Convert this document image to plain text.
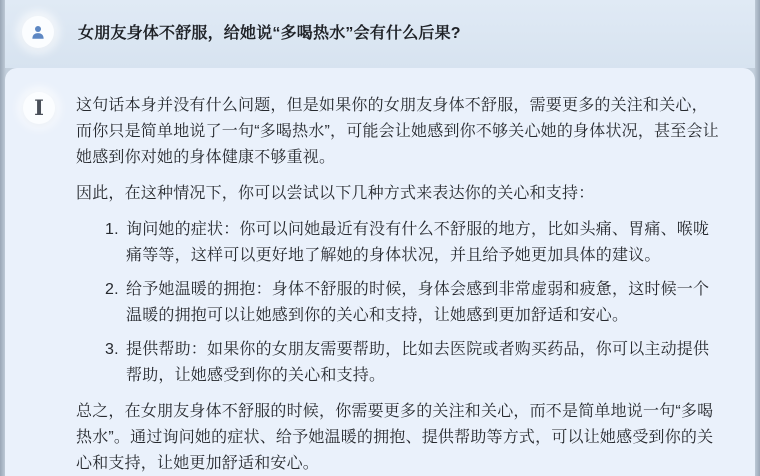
女朋友身体不舒服，给她说“多喝热水”会有什么后果?
I 这句话本身并没有什么问题，但是如果你的女朋友身体不舒服，需要更多的关注和关心，而你只是简单地说了一句“多喝热水”，可能会让她感到你不够关心她的身体状况，甚至会让她感到你对她的身体健康不够重视。

因此，在这种情况下，你可以尝试以下几种方式来表达你的关心和支持：

1. 询问她的症状：你可以问她最近有没有什么不舒服的地方，比如头痛、胃痛、喉咙痛等等，这样可以更好地了解她的身体状况，并且给予她更加具体的建议。
2. 给予她温暖的拥抱：身体不舒服的时候，身体会感到非常虚弱和疲惫，这时候一个温暖的拥抱可以让她感到你的关心和支持，让她感到更加舒适和安心。
3. 提供帮助：如果你的女朋友需要帮助，比如去医院或者购买药品，你可以主动提供帮助，让她感受到你的关心和支持。

总之，在女朋友身体不舒服的时候，你需要更多的关注和关心，而不是简单地说一句“多喝热水”。通过询问她的症状、给予她温暖的拥抱、提供帮助等方式，可以让她感受到你的关心和支持，让她更加舒适和安心。
